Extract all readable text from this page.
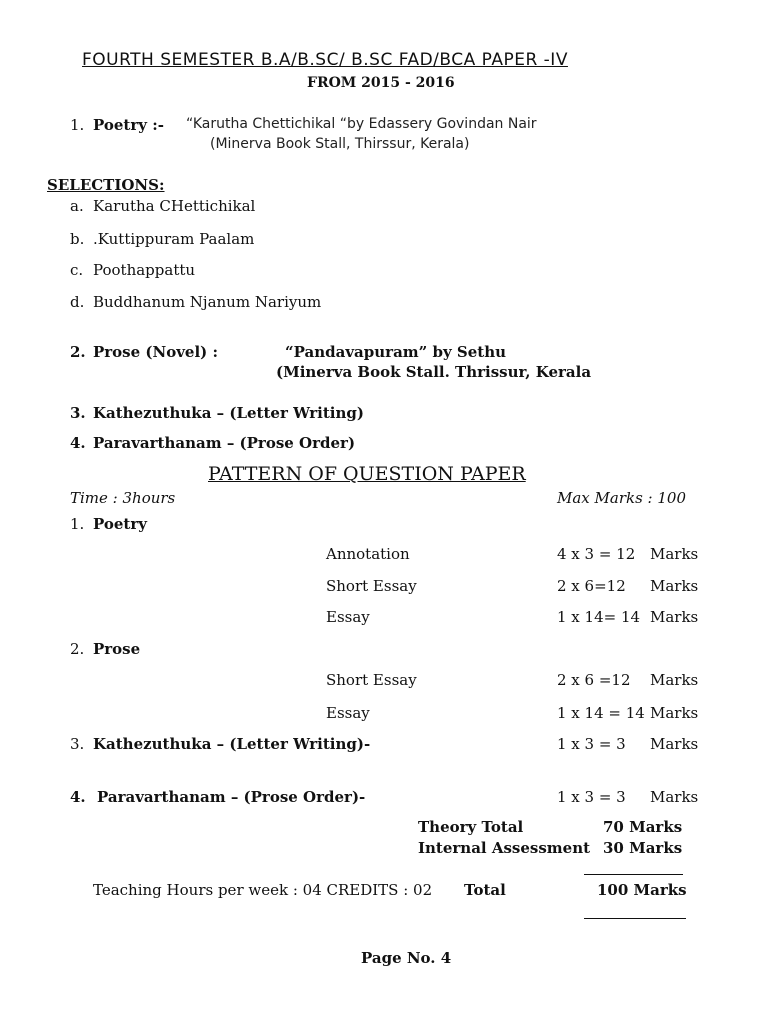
FOURTH SEMESTER B.A/B.SC/ B.SC FAD/BCA PAPER -IV
FROM 2015 - 2016
1. Poetry :- “Karutha Chettichikal “by Edassery Govindan Nair
(Minerva Book Stall, Thirssur, Kerala)
SELECTIONS:
a. Karutha CHettichikal
b. .Kuttippuram Paalam
c. Poothappattu
d. Buddhanum Njanum Nariyum
2. Prose (Novel) :	“Pandavapuram” by Sethu
(Minerva Book Stall. Thrissur, Kerala
3. Kathezuthuka – (Letter Writing)
4. Paravarthanam – (Prose Order)
PATTERN OF QUESTION PAPER
Time : 3hours	Max Marks : 100
1. Poetry
Annotation	4 x 3 = 12 Marks
Short Essay	2 x 6=12 Marks
Essay	1 x 14= 14 Marks
2. Prose
Short Essay	2 x 6 =12 Marks
Essay	1 x 14 = 14 Marks
3. Kathezuthuka – (Letter Writing)-	1 x 3 = 3 Marks
4. Paravarthanam – (Prose Order)-	1 x 3 = 3 Marks
Theory Total	70 Marks
Internal Assessment 30 Marks
Teaching Hours per week : 04 CREDITS : 02 Total	100 Marks
Page No. 4
